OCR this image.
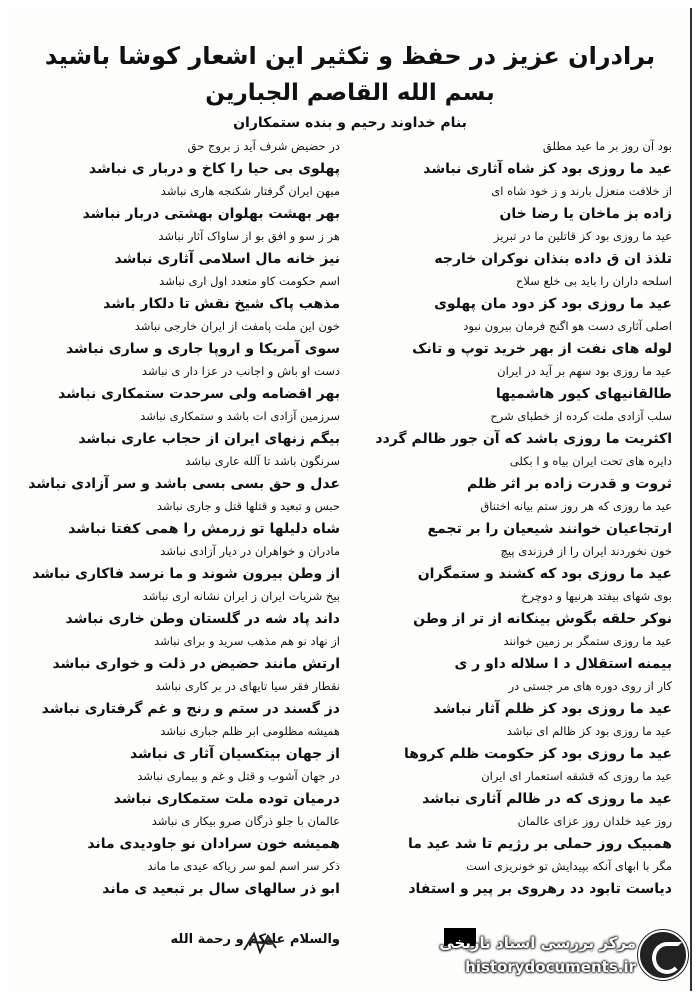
برادران عزیز در حفظ و تکثیر این اشعار کوشا باشید
بسم الله القاصم الجبارین
بنام خداوند رحیم و بنده ستمکاران
بود آن روز بر ما عید مطلق
عید ما روزی بود کز شاه آثاری نباشد
از خلافت منعزل بارند و ز خود شاه ای
زاده بز ماخان یا رضا خان
عید ما روزی بود کز قاتلین ما در تبریز
تلذذ ان ق داده بنذان نوکران خارجه
اسلحه داران را باید بی خلع سلاح
عید ما روزی بود کز دود مان پهلوی
اصلی آثاری دست هو اگنج فرمان بیرون نبود
لوله های نفت از بهر خرید توپ و تانک
عید ما روزی بود سهم بر آید در ایران
طالقانیهای کیور هاشمیها
سلب آزادی ملت کرده از خطبای شرح
اکثریت ما روزی باشد که آن جور ظالم گردد
دایره های تحت ایران بیاه و ا بکلی
ثروت و قدرت زاده بر اثر ظلم
عید ما روزی که هر روز ستم بیانه اختناق
ارتجاعیان خوانند شیعیان را بر تجمع
خون نخوردند ایران را از فرزندی پیچ
عید ما روزی بود که کشند و ستمگران
بوی شهای بیفتد هرنیها و دوچرخ
نوکر حلقه بگوش بینکانه از تر از وطن
عید ما روزی ستمگر بر زمین خوانند
بیمنه استقلال د ا سلاله داو ر ی
کار از روی دوره های مر جستی در
عید ما روزی بود کز ظلم آثار نباشد
عید ما روزی بود کز ظالم ای نباشد
عید ما روزی بود کز حکومت ظلم کروها
عید ما روزی که قشقه استعمار ای ایران
عید ما روزی که در ظالم آثاری نباشد
روز عید خلدان روز عزای عالمان
همبیک روز حملی بر رژیم تا شد عید ما
مگر با ابهای آنکه بپیدایش تو خونریزی است
دیاست تابود دد رهروی بر پیر و استفاد
در حضیض شرف آید ز بروج حق
پهلوی بی حیا را کاخ و دربار ی نباشد
میهن ایران گرفتار شکنجه هاری نباشد
بهر بهشت بهلوان بهشتی دربار نباشد
هر ز سو و افق بو از ساواک آثار نباشد
نیز خانه مال اسلامی آثاری نباشد
اسم حکومت کاو متعدد اول اری نباشد
مذهب پاک شیخ نقش تا دلکار باشد
خون این ملت پامفت از ایران خارجی نباشد
سوی آمریکا و اروپا جاری و ساری نباشد
دست او باش و اجانب در عزا دار ی نباشد
بهر اقضامه ولی سرحدت ستمکاری نباشد
سرزمین آزادی ات باشد و ستمکاری نباشد
بیگم زنهای ایران از حجاب عاری نباشد
سرنگون باشد تا آلله عاری نباشد
عدل و حق بسی بسی باشد و سر آزادی نباشد
حبس و تبعید و قتلها قتل و جاری نباشد
شاه دلیلها تو زرمش را همی کفتا نباشد
مادران و خواهران در دیار آزادی نباشد
از وطن بیرون شوند و ما نرسد فاکاری نباشد
بیخ شریات ایران ز ایران نشانه اری نباشد
داند پاد شه در گلستان وطن خاری نباشد
از نهاد نو هم مذهب سرید و برای نباشد
ارتش مانند حضیض در ذلت و خواری نباشد
نقطار فقر سیا تایهای در بر کاری نباشد
دز گسند در ستم و رنج و غم گرفتاری نباشد
همیشه مظلومی ابر ظلم جباری نباشد
از جهان بیتکسیان آثار ی نباشد
در جهان آشوب و قتل و غم و بیماری نباشد
درمیان توده ملت ستمکاری نباشد
عالمان با جلو ذرگان صرو بیکار ی نباشد
همیشه خون سرادان نو جاودیدی ماند
ذکر سر اسم لمو سر ریاکه عیدی ما ماند
ابو ذر سالهای سال بر تبعید ی ماند
والسلام علیکم و رحمة الله	مرکز بررسی اسناد تاریخی
historydocuments.ir
